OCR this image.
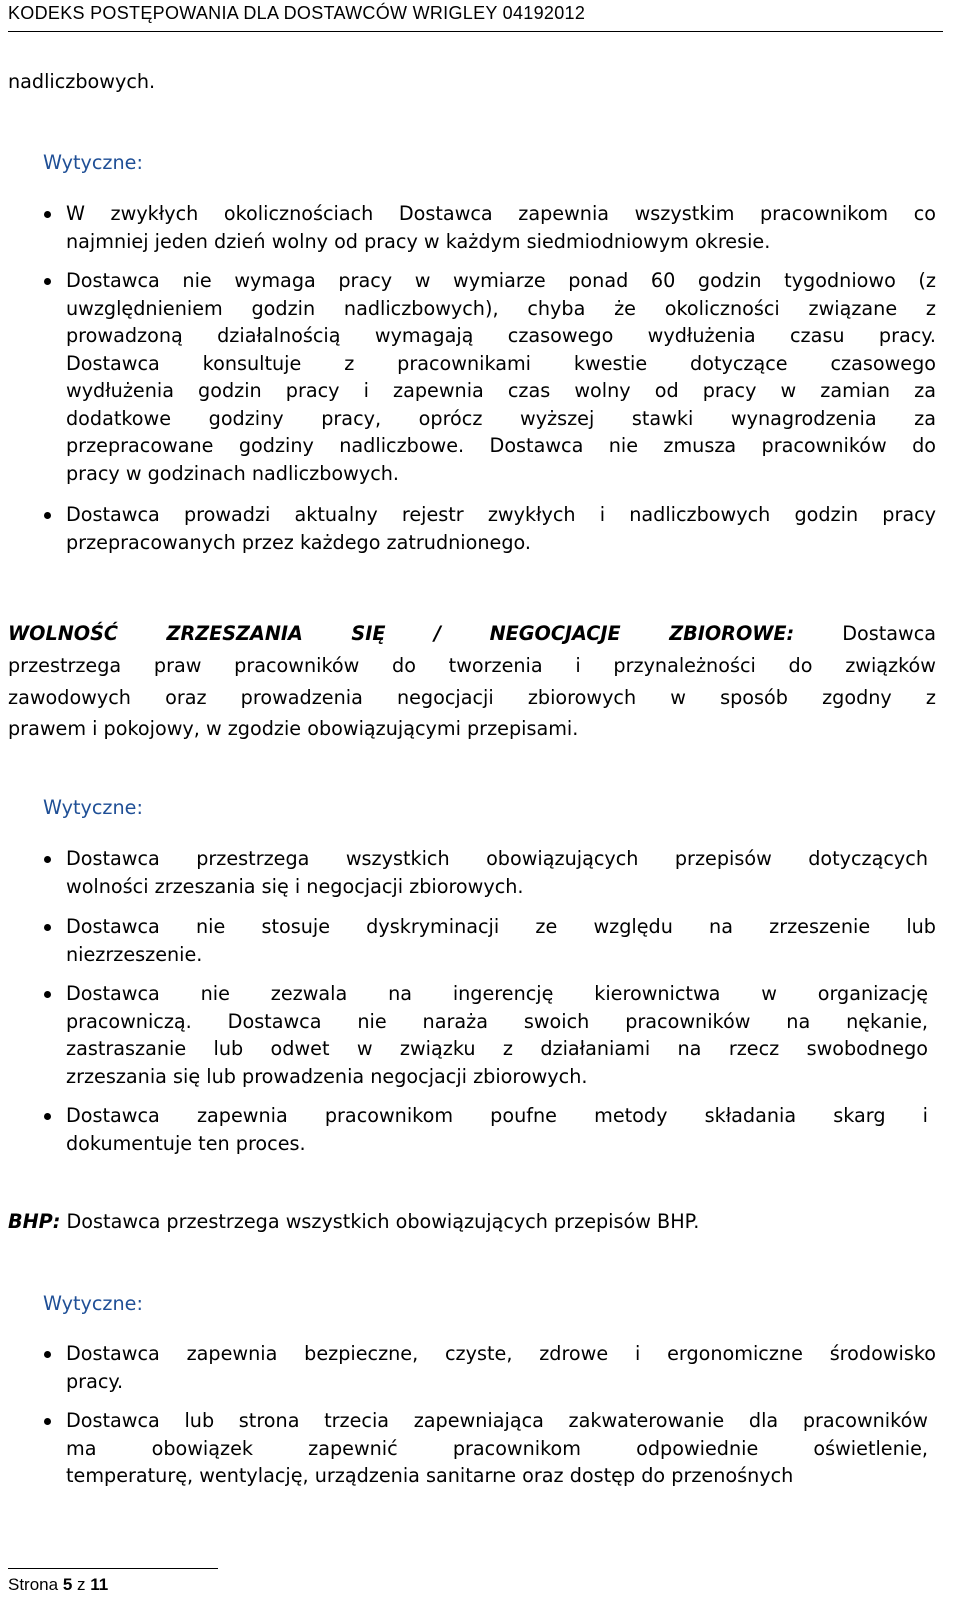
KODEKS POSTĘPOWANIA DLA DOSTAWCÓW WRIGLEY 04192012
nadliczbowych.
Wytyczne:
W zwykłych okolicznościach Dostawca zapewnia wszystkim pracownikom co
najmniej jeden dzień wolny od pracy w każdym siedmiodniowym okresie.
Dostawca nie wymaga pracy w wymiarze ponad 60 godzin tygodniowo (z
uwzględnieniem godzin nadliczbowych), chyba że okoliczności związane z
prowadzoną działalnością wymagają czasowego wydłużenia czasu pracy.
Dostawca konsultuje z pracownikami kwestie dotyczące czasowego
wydłużenia godzin pracy i zapewnia czas wolny od pracy w zamian za
dodatkowe godziny pracy, oprócz wyższej stawki wynagrodzenia za
przepracowane godziny nadliczbowe. Dostawca nie zmusza pracowników do
pracy w godzinach nadliczbowych.
Dostawca prowadzi aktualny rejestr zwykłych i nadliczbowych godzin pracy
przepracowanych przez każdego zatrudnionego.
WOLNOŚĆ ZRZESZANIA SIĘ / NEGOCJACJE ZBIOROWE: Dostawca
przestrzega praw pracowników do tworzenia i przynależności do związków
zawodowych oraz prowadzenia negocjacji zbiorowych w sposób zgodny z
prawem i pokojowy, w zgodzie obowiązującymi przepisami.
Wytyczne:
Dostawca przestrzega wszystkich obowiązujących przepisów dotyczących
wolności zrzeszania się i negocjacji zbiorowych.
Dostawca nie stosuje dyskryminacji ze względu na zrzeszenie lub
niezrzeszenie.
Dostawca nie zezwala na ingerencję kierownictwa w organizację
pracowniczą. Dostawca nie naraża swoich pracowników na nękanie,
zastraszanie lub odwet w związku z działaniami na rzecz swobodnego
zrzeszania się lub prowadzenia negocjacji zbiorowych.
Dostawca zapewnia pracownikom poufne metody składania skarg i
dokumentuje ten proces.
BHP: Dostawca przestrzega wszystkich obowiązujących przepisów BHP.
Wytyczne:
Dostawca zapewnia bezpieczne, czyste, zdrowe i ergonomiczne środowisko
pracy.
Dostawca lub strona trzecia zapewniająca zakwaterowanie dla pracowników
ma obowiązek zapewnić pracownikom odpowiednie oświetlenie,
temperaturę, wentylację, urządzenia sanitarne oraz dostęp do przenośnych
Strona 5 z 11
